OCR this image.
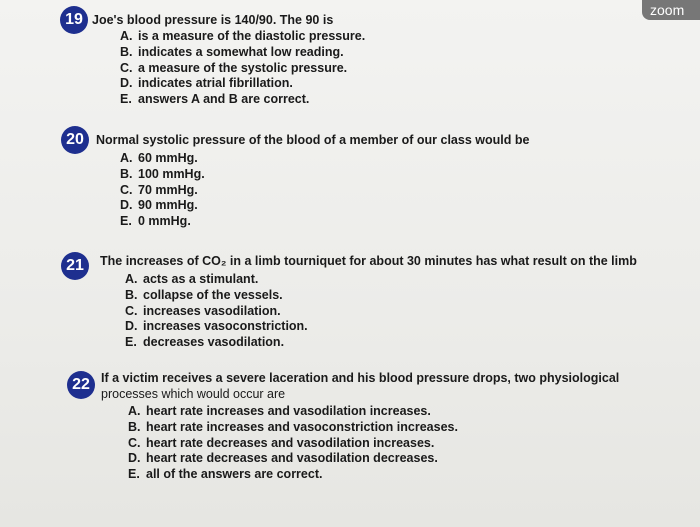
zoom
19 Joe's blood pressure is 140/90. The 90 is
A. is a measure of the diastolic pressure.
B. indicates a somewhat low reading.
C. a measure of the systolic pressure.
D. indicates atrial fibrillation.
E. answers A and B are correct.
20 Normal systolic pressure of the blood of a member of our class would be
A. 60 mmHg.
B. 100 mmHg.
C. 70 mmHg.
D. 90 mmHg.
E. 0 mmHg.
21	The increases of CO₂ in a limb tourniquet for about 30 minutes has what result on the limb
A. acts as a stimulant.
B. collapse of the vessels.
C. increases vasodilation.
D. increases vasoconstriction.
E. decreases vasodilation.
22 If a victim receives a severe laceration and his blood pressure drops, two physiological
processes which would occur are
A. heart rate increases and vasodilation increases.
B. heart rate increases and vasoconstriction increases.
C. heart rate decreases and vasodilation increases.
D. heart rate decreases and vasodilation decreases.
E. all of the answers are correct.
